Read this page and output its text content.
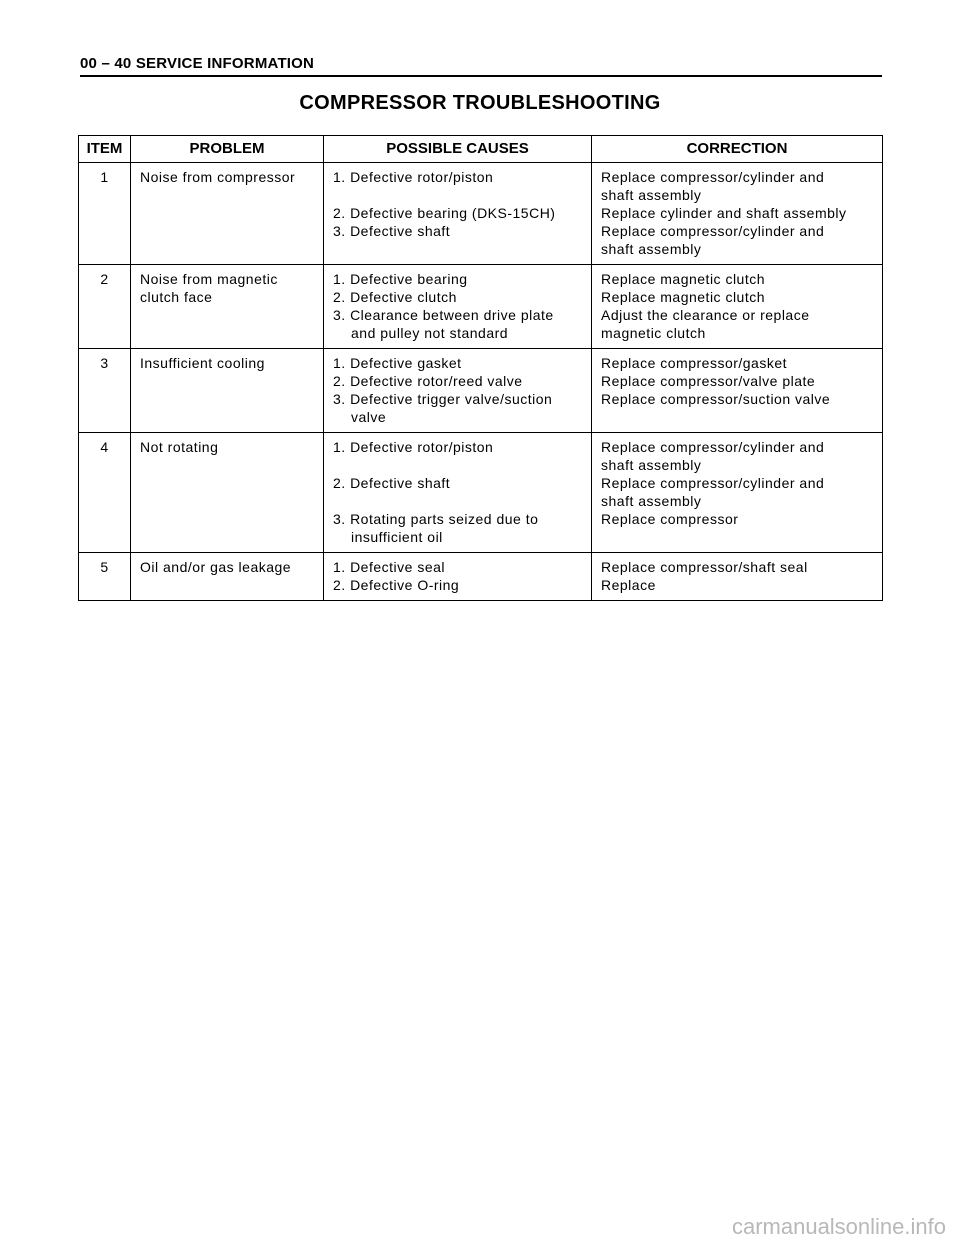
00 – 40 SERVICE INFORMATION
COMPRESSOR TROUBLESHOOTING
ITEM	PROBLEM	POSSIBLE CAUSES	CORRECTION
1	Noise from compressor	1. Defective rotor/piston
2. Defective bearing (DKS-15CH)
3. Defective shaft	Replace compressor/cylinder and
shaft assembly
Replace cylinder and shaft assembly
Replace compressor/cylinder and
shaft assembly

2	Noise from magnetic
clutch face	1. Defective bearing
2. Defective clutch
3. Clearance between drive plate
and pulley not standard	Replace magnetic clutch
Replace magnetic clutch
Adjust the clearance or replace
magnetic clutch

3	Insufficient cooling	1. Defective gasket
2. Defective rotor/reed valve
3. Defective trigger valve/suction
valve	Replace compressor/gasket
Replace compressor/valve plate
Replace compressor/suction valve

4	Not rotating	1. Defective rotor/piston
2. Defective shaft
3. Rotating parts seized due to
insufficient oil	Replace compressor/cylinder and
shaft assembly
Replace compressor/cylinder and
shaft assembly
Replace compressor

5	Oil and/or gas leakage	1. Defective seal
2. Defective O-ring	Replace compressor/shaft seal
Replace
carmanualsonline.info
